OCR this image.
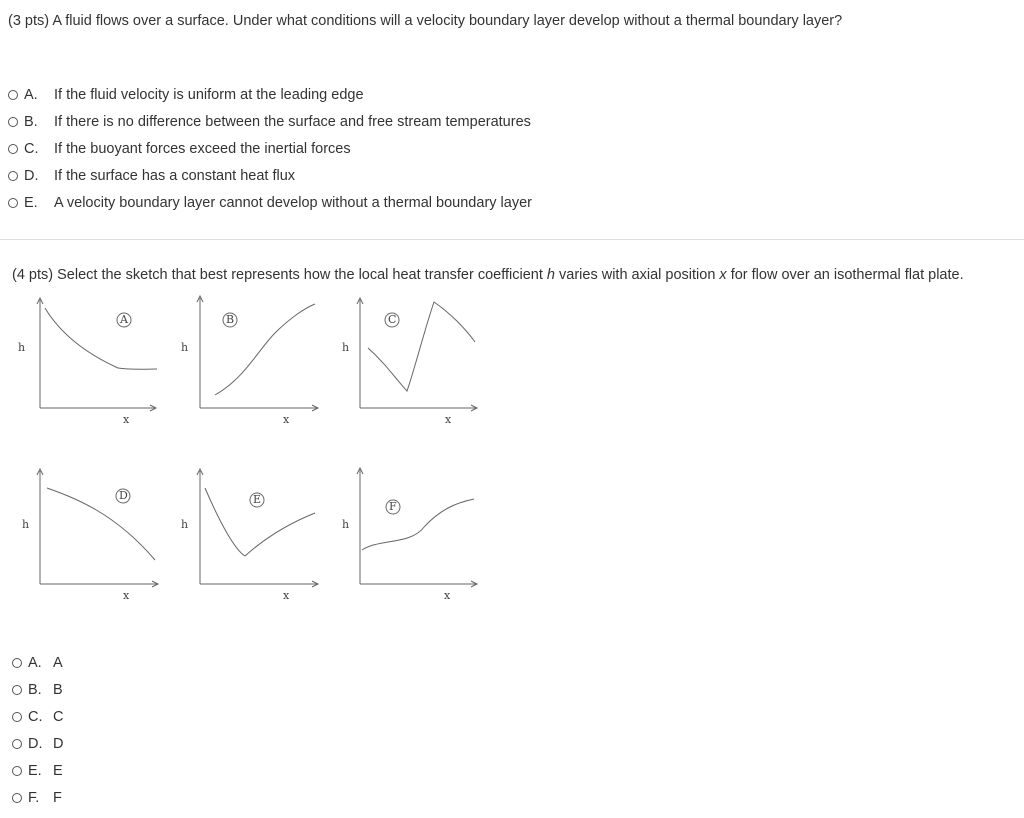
(3 pts) A fluid flows over a surface. Under what conditions will a velocity boundary layer develop without a thermal boundary layer?
A.	If the fluid velocity is uniform at the leading edge
B.	If there is no difference between the surface and free stream temperatures
C.	If the buoyant forces exceed the inertial forces
D.	If the surface has a constant heat flux
E.	A velocity boundary layer cannot develop without a thermal boundary layer
(4 pts) Select the sketch that best represents how the local heat transfer coefficient h varies with axial position x for flow over an isothermal flat plate.
A	B	C
D	E
F
h	h	h
h	h	h
x	x	x
x	x	x
A. A
B. B
C. C
D. D
E. E
F. F
